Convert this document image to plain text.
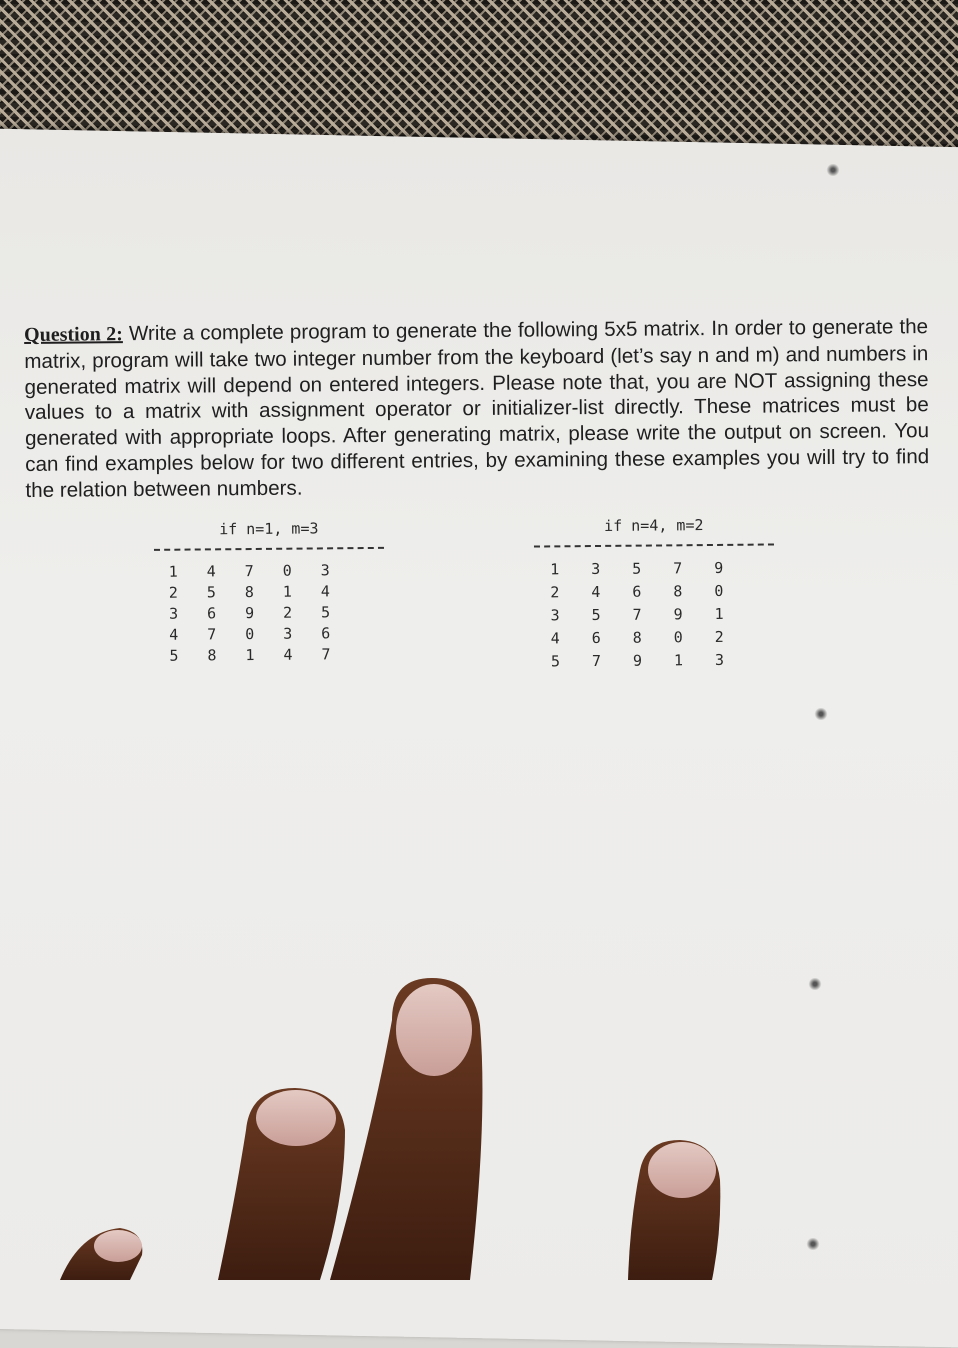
Question 2: Write a complete program to generate the following 5x5 matrix. In order to generate the matrix, program will take two integer number from the keyboard (let’s say n and m) and numbers in generated matrix will depend on entered integers. Please note that, you are NOT assigning these values to a matrix with assignment operator or initializer-list directly. These matrices must be generated with appropriate loops. After generating matrix, please write the output on screen. You can find examples below for two different entries, by examining these examples you will try to find the relation between numbers.

if n=1, m=3
1	4	7	0	3
2	5	8	1	4
3	6	9	2	5
4	7	0	3	6
5	8	1	4	7
if n=4, m=2
1	3	5	7	9
2	4	6	8	0
3	5	7	9	1
4	6	8	0	2
5	7	9	1	3
